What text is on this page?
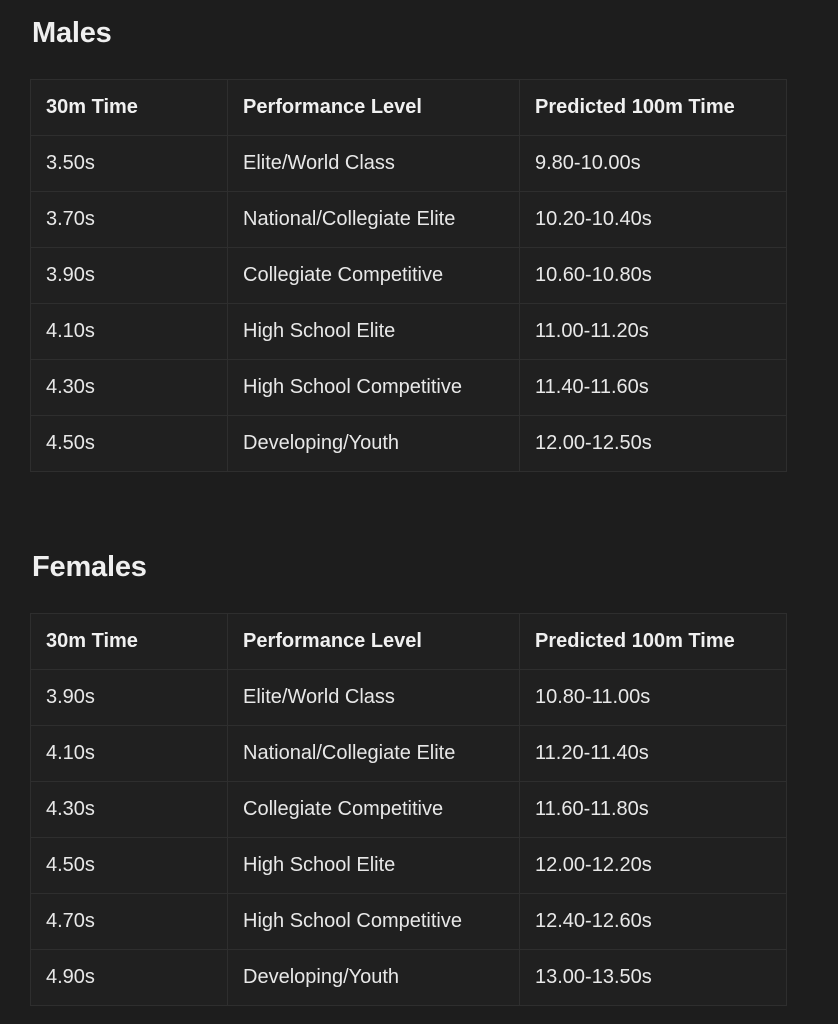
Males
30m Time	Performance Level	Predicted 100m Time
3.50s	Elite/World Class	9.80-10.00s
3.70s	National/Collegiate Elite	10.20-10.40s
3.90s	Collegiate Competitive	10.60-10.80s
4.10s	High School Elite	11.00-11.20s
4.30s	High School Competitive	11.40-11.60s
4.50s	Developing/Youth	12.00-12.50s
Females
30m Time	Performance Level	Predicted 100m Time
3.90s	Elite/World Class	10.80-11.00s
4.10s	National/Collegiate Elite	11.20-11.40s
4.30s	Collegiate Competitive	11.60-11.80s
4.50s	High School Elite	12.00-12.20s
4.70s	High School Competitive	12.40-12.60s
4.90s	Developing/Youth	13.00-13.50s
